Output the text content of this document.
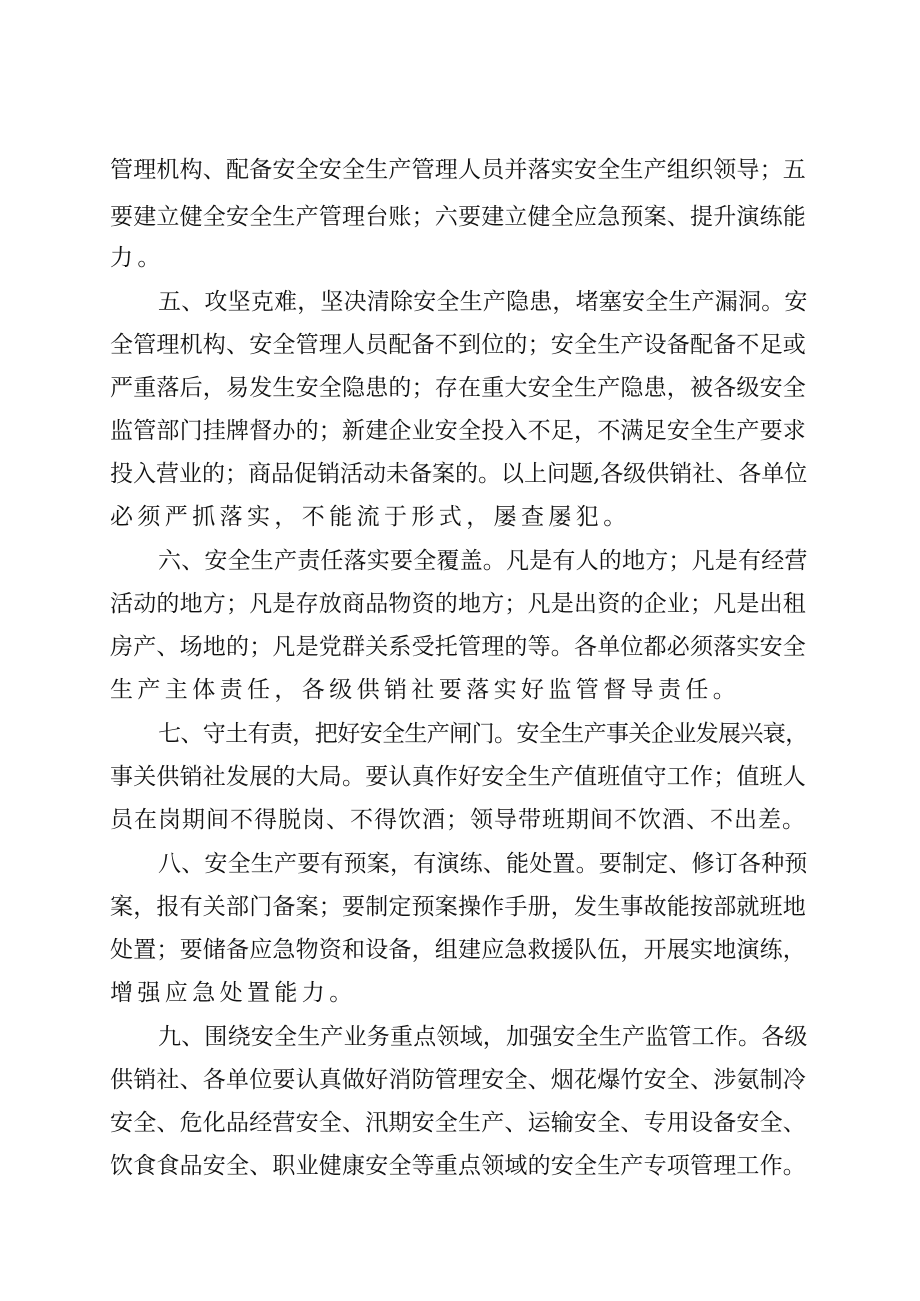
管理机构、配备安全安全生产管理人员并落实安全生产组织领导；五
要建立健全安全生产管理台账；六要建立健全应急预案、提升演练能
力。
五、攻坚克难，坚决清除安全生产隐患，堵塞安全生产漏洞。安
全管理机构、安全管理人员配备不到位的；安全生产设备配备不足或
严重落后，易发生安全隐患的；存在重大安全生产隐患，被各级安全
监管部门挂牌督办的；新建企业安全投入不足，不满足安全生产要求
投入营业的；商品促销活动未备案的。以上问题,各级供销社、各单位
必须严抓落实，不能流于形式，屡查屡犯。
六、安全生产责任落实要全覆盖。凡是有人的地方；凡是有经营
活动的地方；凡是存放商品物资的地方；凡是出资的企业；凡是出租
房产、场地的；凡是党群关系受托管理的等。各单位都必须落实安全
生产主体责任，各级供销社要落实好监管督导责任。
七、守土有责，把好安全生产闸门。安全生产事关企业发展兴衰，
事关供销社发展的大局。要认真作好安全生产值班值守工作；值班人
员在岗期间不得脱岗、不得饮酒；领导带班期间不饮酒、不出差。
八、安全生产要有预案，有演练、能处置。要制定、修订各种预
案，报有关部门备案；要制定预案操作手册，发生事故能按部就班地
处置；要储备应急物资和设备，组建应急救援队伍，开展实地演练，
增强应急处置能力。
九、围绕安全生产业务重点领域，加强安全生产监管工作。各级
供销社、各单位要认真做好消防管理安全、烟花爆竹安全、涉氨制冷
安全、危化品经营安全、汛期安全生产、运输安全、专用设备安全、
饮食食品安全、职业健康安全等重点领域的安全生产专项管理工作。
